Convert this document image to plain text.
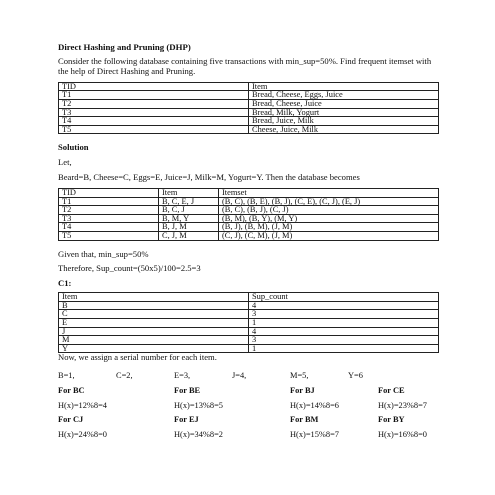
Direct Hashing and Pruning (DHP)

Consider the following database containing five transactions with min_sup=50%. Find frequent itemset with the help of Direct Hashing and Pruning.

TID	Item
T1	Bread, Cheese, Eggs, Juice
T2	Bread, Cheese, Juice
T3	Bread, Milk, Yogurt
T4	Bread, Juice, Milk
T5	Cheese, Juice, Milk

Solution

Let,

Beard=B, Cheese=C, Eggs=E, Juice=J, Milk=M, Yogurt=Y. Then the database becomes

TID	Item	Itemset
T1	B, C, E, J	(B, C), (B, E), (B, J), (C, E), (C, J), (E, J)
T2	B, C, J	(B, C), (B, J), (C, J)
T3	B, M, Y	(B, M), (B, Y), (M, Y)
T4	B, J, M	(B, J), (B, M), (J, M)
T5	C, J, M	(C, J), (C, M), (J, M)

Given that, min_sup=50%

Therefore, Sup_count=(50x5)/100=2.5=3

C1:

Item	Sup_count
B	4
C	3
E	1
J	4
M	3
Y	1

Now, we assign a serial number for each item.

B=1,	C=2,	E=3,	J=4,	M=5,	Y=6
For BC	For BE	For BJ	For CE
H(x)=12%8=4	H(x)=13%8=5	H(x)=14%8=6	H(x)=23%8=7
For CJ	For EJ	For BM	For BY
H(x)=24%8=0	H(x)=34%8=2	H(x)=15%8=7	H(x)=16%8=0
